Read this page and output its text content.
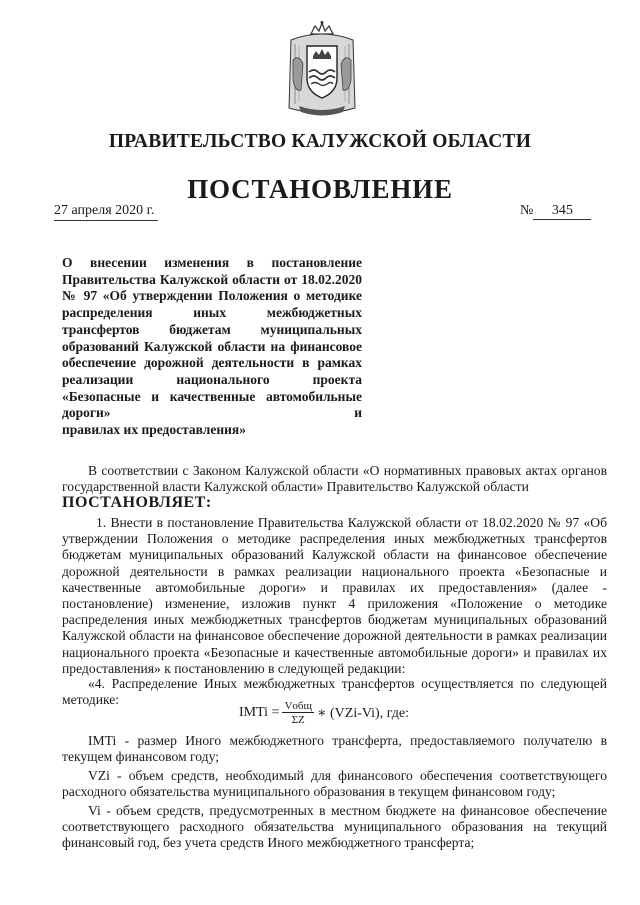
ПРАВИТЕЛЬСТВО КАЛУЖСКОЙ ОБЛАСТИ
ПОСТАНОВЛЕНИЕ
27 апреля 2020 г.	№ 345
О внесении изменения в постановление Правительства Калужской области от 18.02.2020 № 97 «Об утверждении Положения о методике распределения иных	межбюджетных трансфертов бюджетам муниципальных образований Калужской области на финансовое обеспечение дорожной деятельности в рамках реализации	национального проекта «Безопасные и качественные автомобильные дороги» и
правилах их предоставления»
В соответствии с Законом Калужской области «О нормативных правовых актах органов государственной власти Калужской области» Правительство Калужской области
ПОСТАНОВЛЯЕТ:
1. Внести в постановление Правительства Калужской области от 18.02.2020 № 97 «Об утверждении Положения о методике распределения иных межбюджетных трансфертов бюджетам муниципальных образований Калужской области на финансовое обеспечение дорожной деятельности в рамках реализации национального проекта «Безопасные и качественные автомобильные дороги» и правилах их предоставления» (далее - постановление) изменение, изложив пункт 4 приложения «Положение о методике распределения иных межбюджетных трансфертов бюджетам муниципальных образований Калужской области на финансовое обеспечение дорожной деятельности в рамках реализации национального проекта «Безопасные и качественные автомобильные дороги» и правилах их предоставления» к постановлению в следующей редакции:
«4. Распределение Иных межбюджетных трансфертов осуществляется по следующей методике:
IMTi = $\frac{\text{Vобщ}}{\Sigma Z}$ ∗ (VZi-Vi), где:
IMTi - размер Иного межбюджетного трансферта, предоставляемого получателю в текущем финансовом году;
VZi - объем средств, необходимый для финансового обеспечения соответствующего расходного обязательства муниципального образования в текущем финансовом году;
Vi - объем средств, предусмотренных в местном бюджете на финансовое обеспечение соответствующего расходного обязательства муниципального образования на текущий финансовый год, без учета средств Иного межбюджетного трансферта;
